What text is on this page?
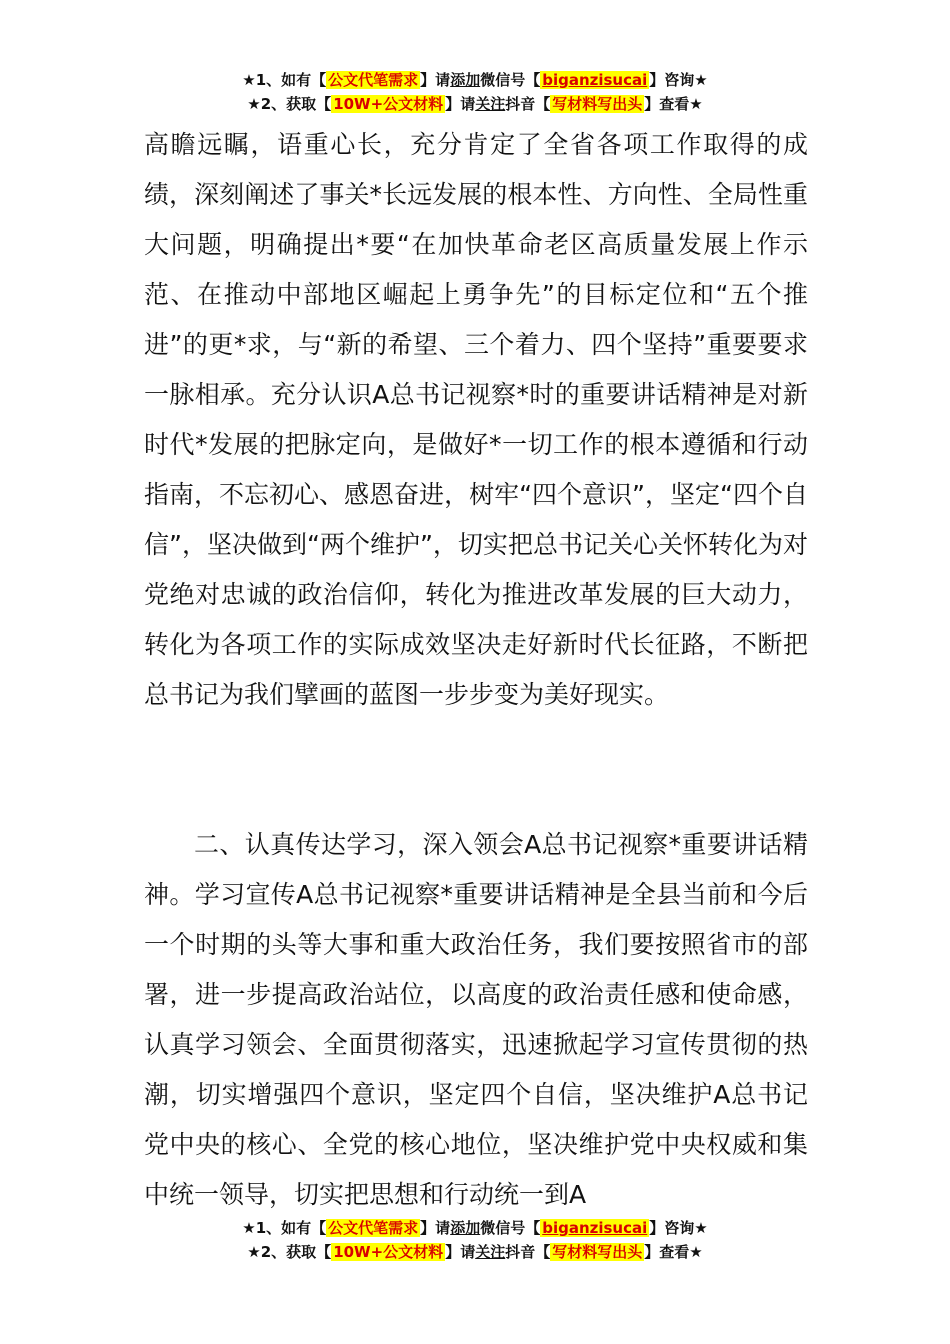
★1、如有【 公文代笔需求 】请添加微信号【 biganzisucai 】咨询★
★2、获取【 10W+公文材料 】请关注抖音【 写材料写出头 】查看★

高瞻远瞩，语重心长，充分肯定了全省各项工作取得的成绩，深刻阐述了事关*长远发展的根本性、方向性、全局性重大问题，明确提出*要“在加快革命老区高质量发展上作示范、在推动中部地区崛起上勇争先”的目标定位和“五个推进”的更*求，与“新的希望、三个着力、四个坚持”重要要求一脉相承。充分认识A总书记视察*时的重要讲话精神是对新时代*发展的把脉定向，是做好*一切工作的根本遵循和行动指南，不忘初心、感恩奋进，树牢“四个意识”，坚定“四个自信”，坚决做到“两个维护”，切实把总书记关心关怀转化为对党绝对忠诚的政治信仰，转化为推进改革发展的巨大动力，转化为各项工作的实际成效坚决走好新时代长征路，不断把总书记为我们擘画的蓝图一步步变为美好现实。

二、认真传达学习，深入领会A总书记视察*重要讲话精神。学习宣传A总书记视察*重要讲话精神是全县当前和今后一个时期的头等大事和重大政治任务，我们要按照省市的部署，进一步提高政治站位，以高度的政治责任感和使命感，认真学习领会、全面贯彻落实，迅速掀起学习宣传贯彻的热潮，切实增强四个意识，坚定四个自信，坚决维护A总书记党中央的核心、全党的核心地位，坚决维护党中央权威和集中统一领导，切实把思想和行动统一到A

★1、如有【 公文代笔需求 】请添加微信号【 biganzisucai 】咨询★
★2、获取【 10W+公文材料 】请关注抖音【 写材料写出头 】查看★
